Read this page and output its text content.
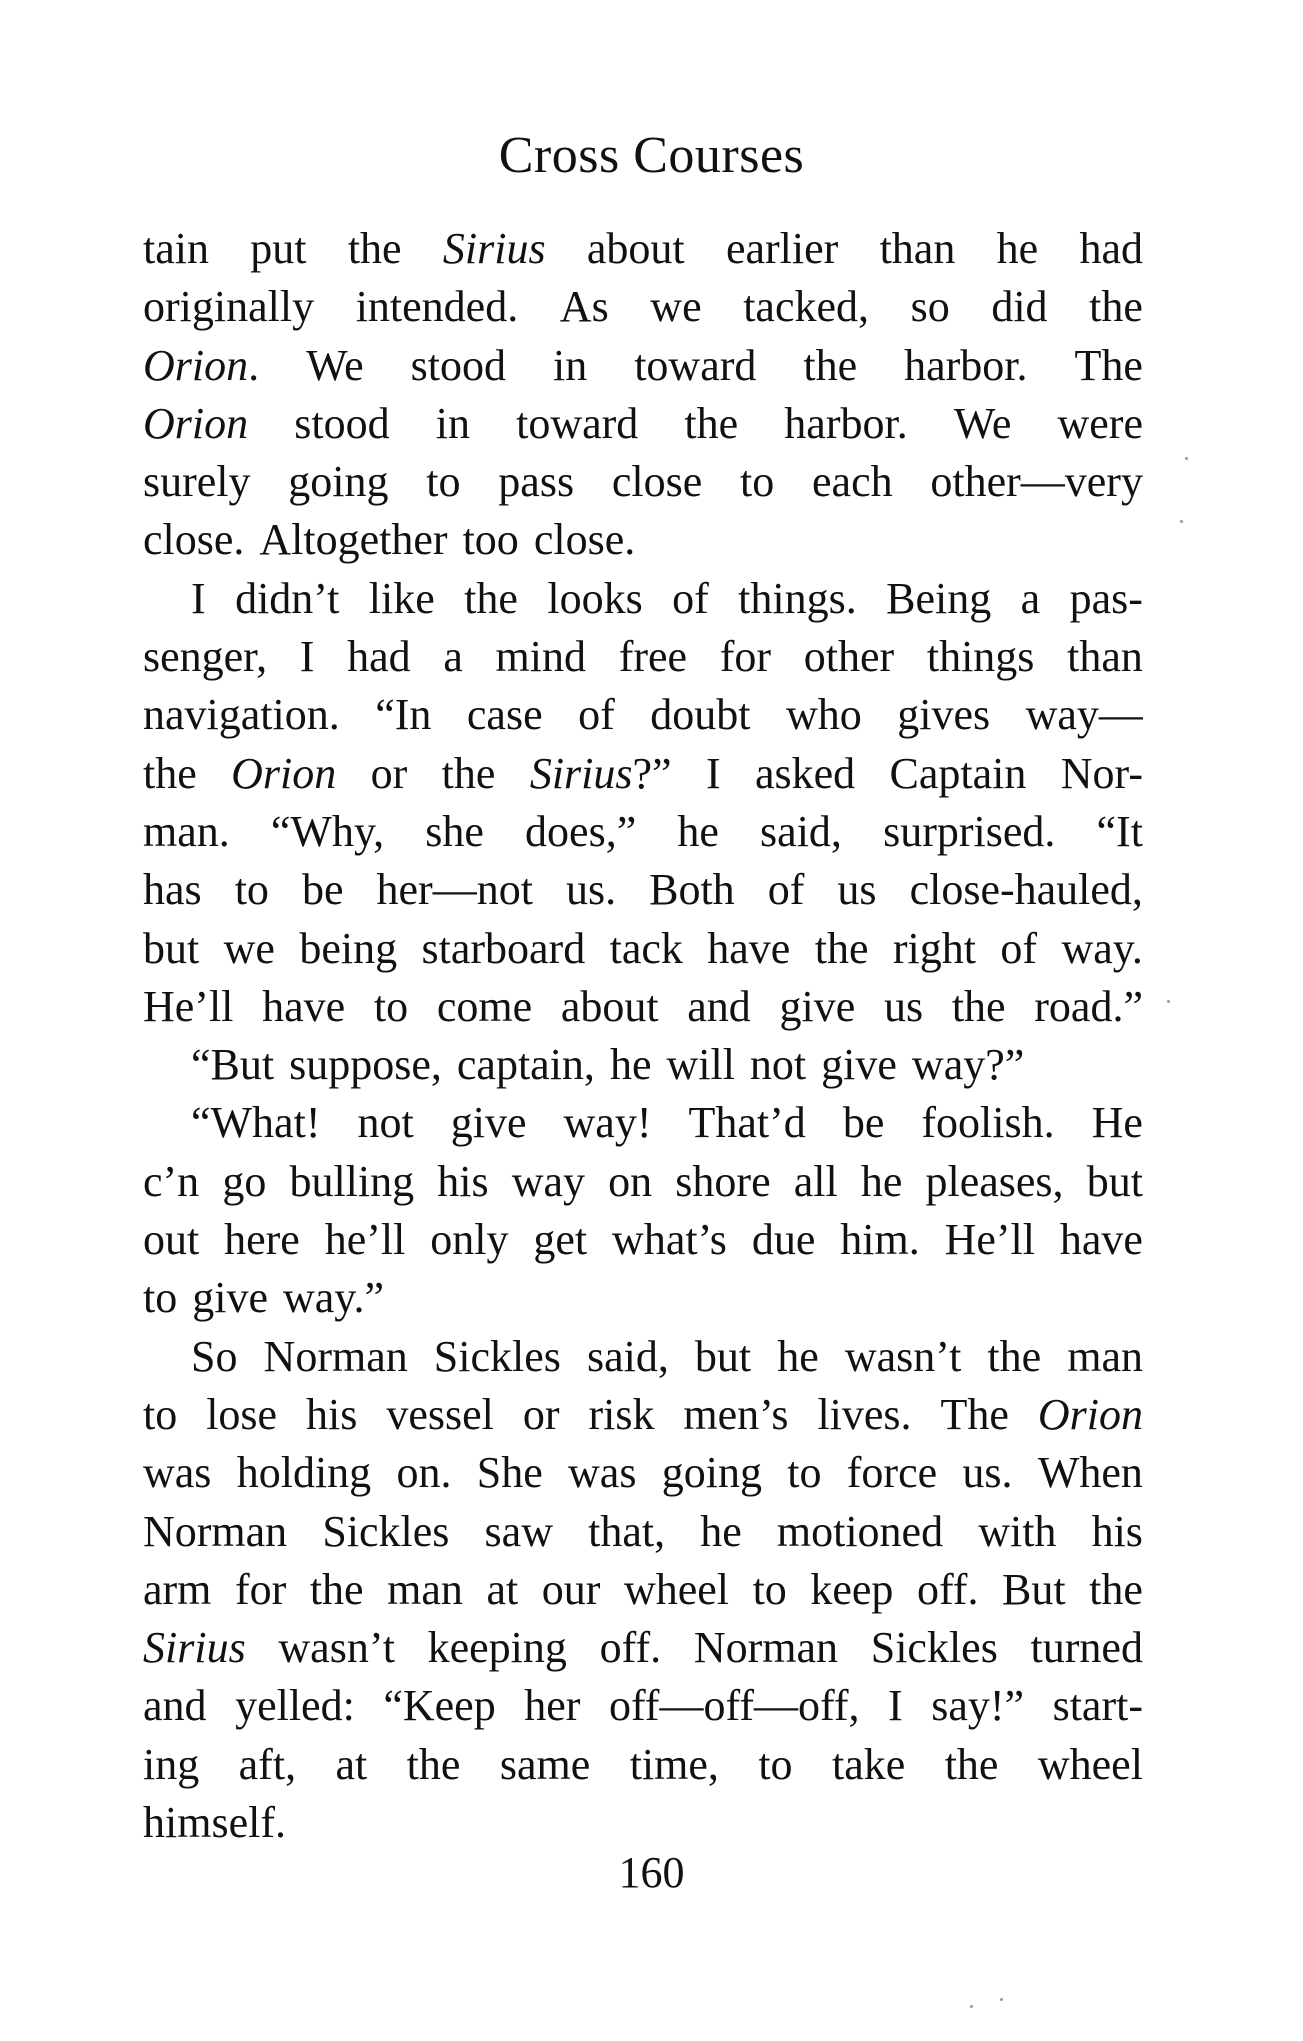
Cross Courses
tain put the Sirius about earlier than he had
originally intended. As we tacked, so did the
Orion. We stood in toward the harbor. The
Orion stood in toward the harbor. We were
surely going to pass close to each other—very
close. Altogether too close.
I didn’t like the looks of things. Being a pas-
senger, I had a mind free for other things than
navigation. “In case of doubt who gives way—
the Orion or the Sirius?” I asked Captain Nor-
man. “Why, she does,” he said, surprised. “It
has to be her—not us. Both of us close-hauled,
but we being starboard tack have the right of way.
He’ll have to come about and give us the road.”
“But suppose, captain, he will not give way?”
“What! not give way! That’d be foolish. He
c’n go bulling his way on shore all he pleases, but
out here he’ll only get what’s due him. He’ll have
to give way.”
So Norman Sickles said, but he wasn’t the man
to lose his vessel or risk men’s lives. The Orion
was holding on. She was going to force us. When
Norman Sickles saw that, he motioned with his
arm for the man at our wheel to keep off. But the
Sirius wasn’t keeping off. Norman Sickles turned
and yelled: “Keep her off—off—off, I say!” start-
ing aft, at the same time, to take the wheel
himself.
160
